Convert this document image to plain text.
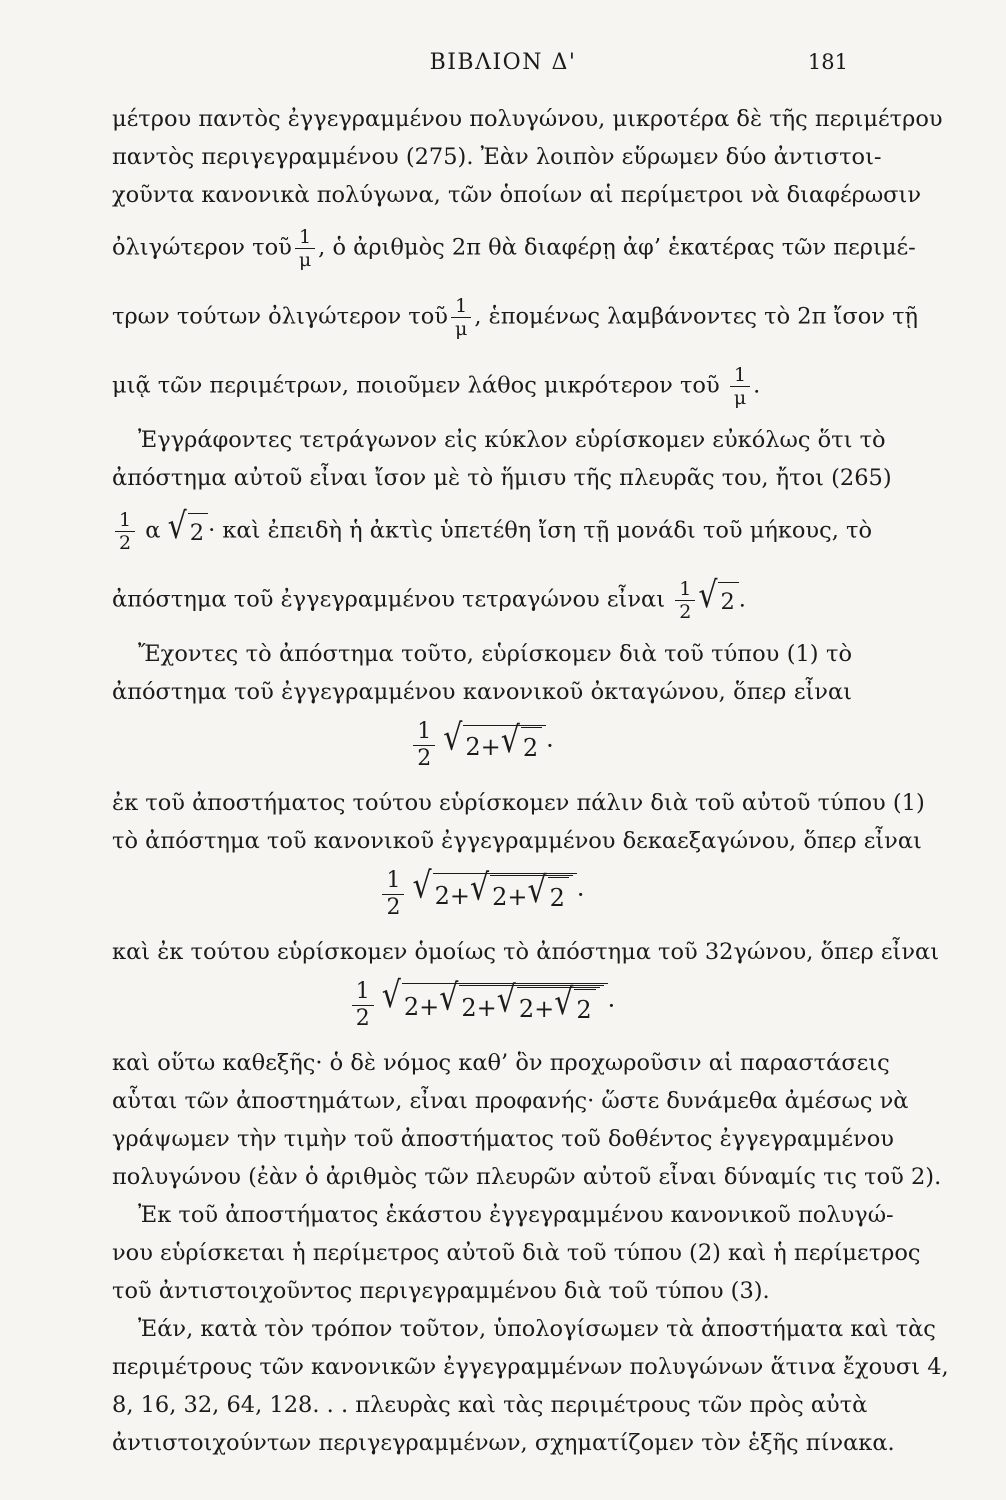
ΒΙΒΛΙΟΝ Δ'	181
μέτρου παντὸς ἐγγεγραμμένου πολυγώνου, μικροτέρα δὲ τῆς περιμέτρου
παντὸς περιγεγραμμένου (275). Ἐὰν λοιπὸν εὕρωμεν δύο ἀντιστοι-
χοῦντα κανονικὰ πολύγωνα, τῶν ὁποίων αἱ περίμετροι νὰ διαφέρωσιν
ὀλιγώτερον τοῦ $\frac{1}{\mu}$ , ὁ ἀριθμὸς 2π θὰ διαφέρῃ ἀφ’ ἑκατέρας τῶν περιμέ-
τρων τούτων ὀλιγώτερον τοῦ $\frac{1}{\mu}$ , ἑπομένως λαμβάνοντες τὸ 2π ἴσον τῇ
μιᾷ τῶν περιμέτρων, ποιοῦμεν λάθος μικρότερον τοῦ $\frac{1}{\mu}$ .
Ἐγγράφοντες τετράγωνον εἰς κύκλον εὑρίσκομεν εὐκόλως ὅτι τὸ
ἀπόστημα αὐτοῦ εἶναι ἴσον μὲ τὸ ἥμισυ τῆς πλευρᾶς του, ἤτοι (265)
$\frac{1}{2}$ α √ 2 · καὶ ἐπειδὴ ἡ ἀκτὶς ὑπετέθη ἴση τῇ μονάδι τοῦ μήκους, τὸ
ἀπόστημα τοῦ ἐγγεγραμμένου τετραγώνου εἶναι $\frac{1}{2}$ √ 2 .
Ἔχοντες τὸ ἀπόστημα τοῦτο, εὑρίσκομεν διὰ τοῦ τύπου (1) τὸ
ἀπόστημα τοῦ ἐγγεγραμμένου κανονικοῦ ὀκταγώνου, ὅπερ εἶναι
$\frac{1}{2}$ √ 2+ √ 2 ·
ἐκ τοῦ ἀποστήματος τούτου εὑρίσκομεν πάλιν διὰ τοῦ αὐτοῦ τύπου (1)
τὸ ἀπόστημα τοῦ κανονικοῦ ἐγγεγραμμένου δεκαεξαγώνου, ὅπερ εἶναι
$\frac{1}{2}$ √ 2+ √ 2+ √ 2 ·
καὶ ἐκ τούτου εὑρίσκομεν ὁμοίως τὸ ἀπόστημα τοῦ 32γώνου, ὅπερ εἶναι
$\frac{1}{2}$ √ 2+ √ 2+ √ 2+ √ 2 ·
καὶ οὕτω καθεξῆς· ὁ δὲ νόμος καθ’ ὃν προχωροῦσιν αἱ παραστάσεις
αὗται τῶν ἀποστημάτων, εἶναι προφανής· ὥστε δυνάμεθα ἀμέσως νὰ
γράψωμεν τὴν τιμὴν τοῦ ἀποστήματος τοῦ δοθέντος ἐγγεγραμμένου
πολυγώνου (ἐὰν ὁ ἀριθμὸς τῶν πλευρῶν αὐτοῦ εἶναι δύναμίς τις τοῦ 2).
Ἐκ τοῦ ἀποστήματος ἑκάστου ἐγγεγραμμένου κανονικοῦ πολυγώ-
νου εὑρίσκεται ἡ περίμετρος αὐτοῦ διὰ τοῦ τύπου (2) καὶ ἡ περίμετρος
τοῦ ἀντιστοιχοῦντος περιγεγραμμένου διὰ τοῦ τύπου (3).
Ἐάν, κατὰ τὸν τρόπον τοῦτον, ὑπολογίσωμεν τὰ ἀποστήματα καὶ τὰς
περιμέτρους τῶν κανονικῶν ἐγγεγραμμένων πολυγώνων ἅτινα ἔχουσι 4,
8, 16, 32, 64, 128. . . πλευρὰς καὶ τὰς περιμέτρους τῶν πρὸς αὐτὰ
ἀντιστοιχούντων περιγεγραμμένων, σχηματίζομεν τὸν ἑξῆς πίνακα.
